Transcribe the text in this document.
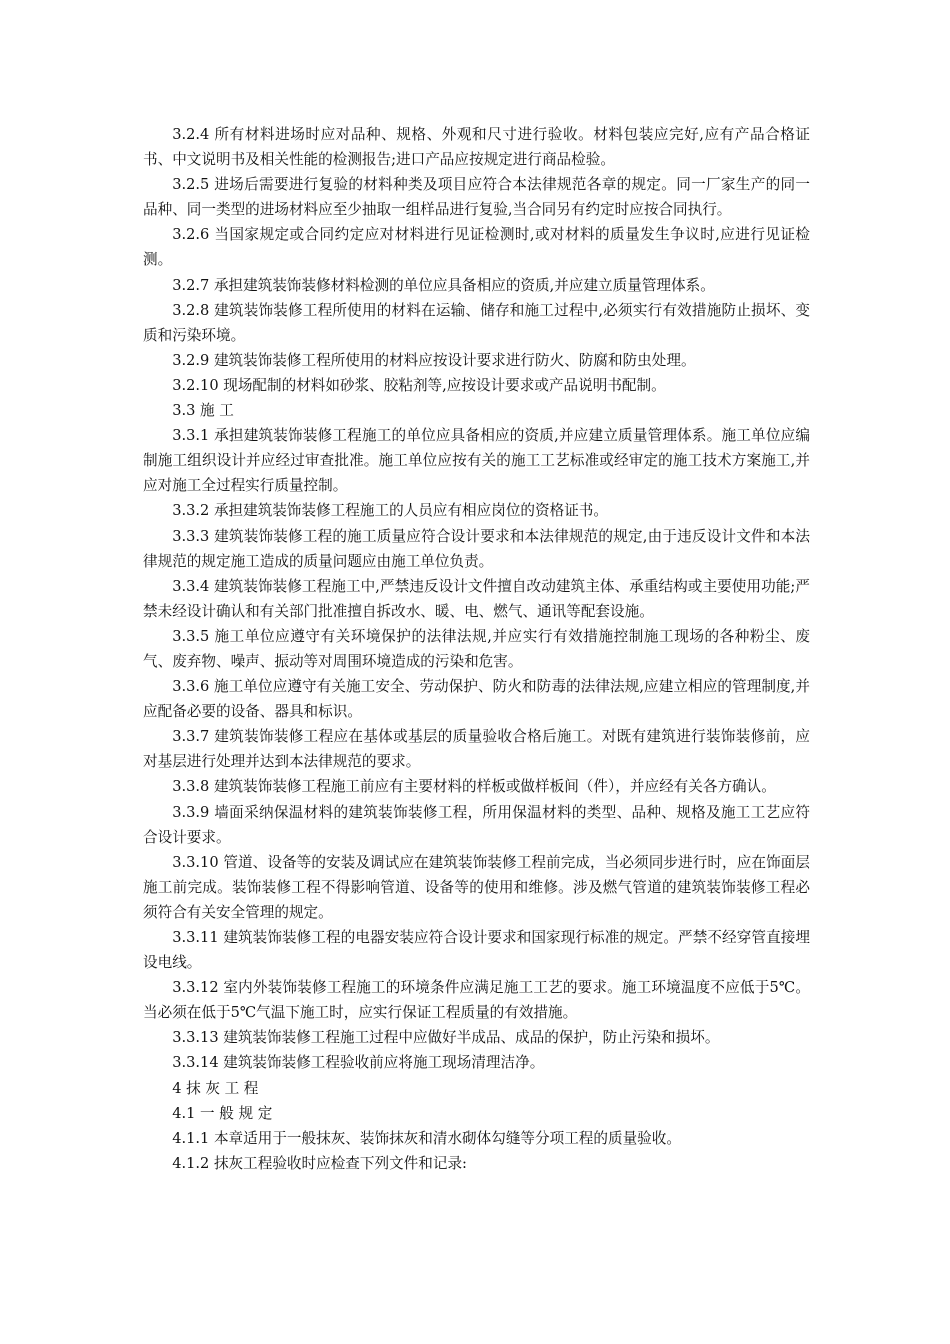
3.2.4 所有材料进场时应对品种、规格、外观和尺寸进行验收。材料包装应完好,应有产品合格证书、中文说明书及相关性能的检测报告;进口产品应按规定进行商品检验。

3.2.5 进场后需要进行复验的材料种类及项目应符合本法律规范各章的规定。同一厂家生产的同一品种、同一类型的进场材料应至少抽取一组样品进行复验,当合同另有约定时应按合同执行。

3.2.6 当国家规定或合同约定应对材料进行见证检测时,或对材料的质量发生争议时,应进行见证检测。

3.2.7 承担建筑装饰装修材料检测的单位应具备相应的资质,并应建立质量管理体系。

3.2.8 建筑装饰装修工程所使用的材料在运输、储存和施工过程中,必须实行有效措施防止损坏、变质和污染环境。

3.2.9 建筑装饰装修工程所使用的材料应按设计要求进行防火、防腐和防虫处理。

3.2.10 现场配制的材料如砂浆、胶粘剂等,应按设计要求或产品说明书配制。

3.3 施 工

3.3.1 承担建筑装饰装修工程施工的单位应具备相应的资质,并应建立质量管理体系。施工单位应编制施工组织设计并应经过审查批准。施工单位应按有关的施工工艺标准或经审定的施工技术方案施工,并应对施工全过程实行质量控制。

3.3.2 承担建筑装饰装修工程施工的人员应有相应岗位的资格证书。

3.3.3 建筑装饰装修工程的施工质量应符合设计要求和本法律规范的规定,由于违反设计文件和本法律规范的规定施工造成的质量问题应由施工单位负责。

3.3.4 建筑装饰装修工程施工中,严禁违反设计文件擅自改动建筑主体、承重结构或主要使用功能;严禁未经设计确认和有关部门批准擅自拆改水、暖、电、燃气、通讯等配套设施。

3.3.5 施工单位应遵守有关环境保护的法律法规,并应实行有效措施控制施工现场的各种粉尘、废气、废弃物、噪声、振动等对周围环境造成的污染和危害。

3.3.6 施工单位应遵守有关施工安全、劳动保护、防火和防毒的法律法规,应建立相应的管理制度,并应配备必要的设备、器具和标识。

3.3.7 建筑装饰装修工程应在基体或基层的质量验收合格后施工。对既有建筑进行装饰装修前，应对基层进行处理并达到本法律规范的要求。

3.3.8 建筑装饰装修工程施工前应有主要材料的样板或做样板间（件），并应经有关各方确认。

3.3.9 墙面采纳保温材料的建筑装饰装修工程，所用保温材料的类型、品种、规格及施工工艺应符合设计要求。

3.3.10 管道、设备等的安装及调试应在建筑装饰装修工程前完成，当必须同步进行时，应在饰面层施工前完成。装饰装修工程不得影响管道、设备等的使用和维修。涉及燃气管道的建筑装饰装修工程必须符合有关安全管理的规定。

3.3.11 建筑装饰装修工程的电器安装应符合设计要求和国家现行标准的规定。严禁不经穿管直接埋设电线。

3.3.12 室内外装饰装修工程施工的环境条件应满足施工工艺的要求。施工环境温度不应低于5℃。当必须在低于5℃气温下施工时，应实行保证工程质量的有效措施。

3.3.13 建筑装饰装修工程施工过程中应做好半成品、成品的保护，防止污染和损坏。

3.3.14 建筑装饰装修工程验收前应将施工现场清理洁净。

4 抹 灰 工 程

4.1 一 般 规 定

4.1.1 本章适用于一般抹灰、装饰抹灰和清水砌体勾缝等分项工程的质量验收。

4.1.2 抹灰工程验收时应检查下列文件和记录:
